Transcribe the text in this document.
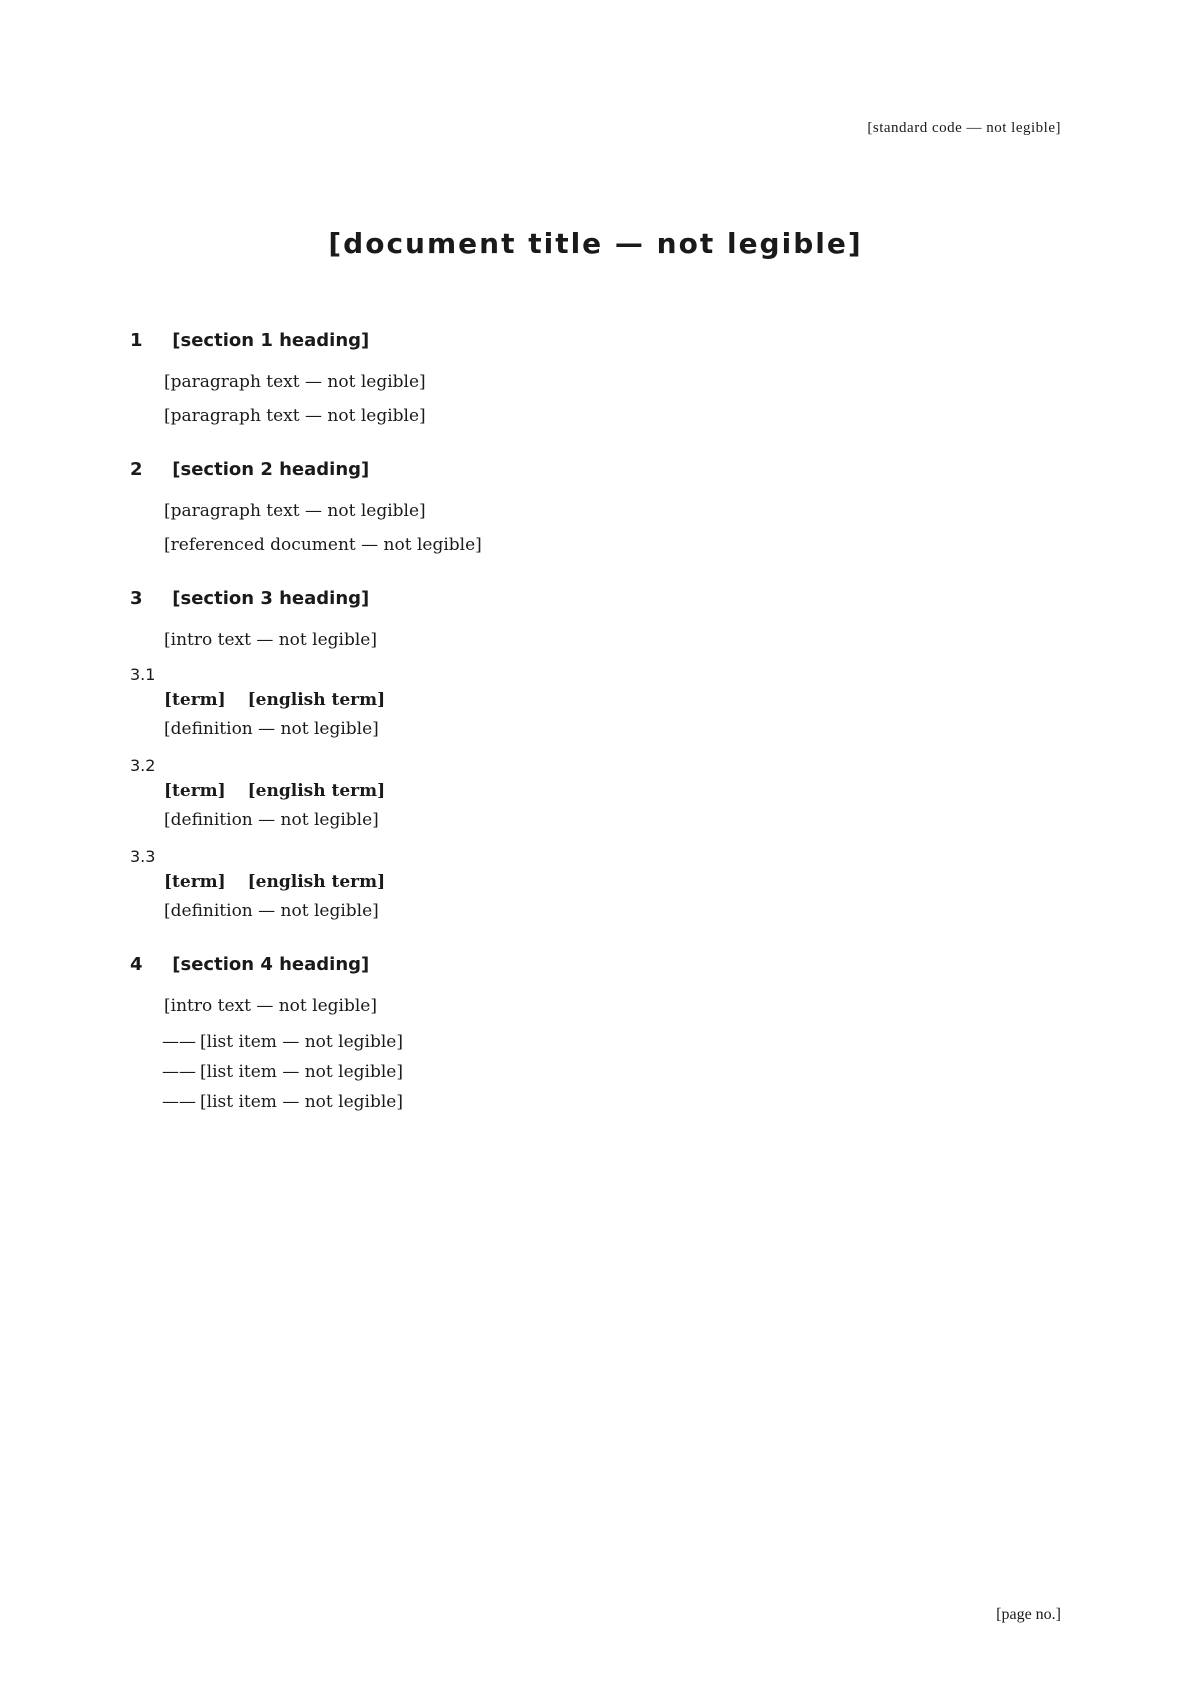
[standard code — not legible]
[document title — not legible]
1 [section 1 heading]

[paragraph text — not legible]

[paragraph text — not legible]

2 [section 2 heading]

[paragraph text — not legible]

[referenced document — not legible]

3 [section 3 heading]

[intro text — not legible]

3.1
[term] [english term]
[definition — not legible]
3.2
[term] [english term]
[definition — not legible]
3.3
[term] [english term]
[definition — not legible]
4 [section 4 heading]

[intro text — not legible]

—— [list item — not legible]
—— [list item — not legible]
—— [list item — not legible]
[page no.]
